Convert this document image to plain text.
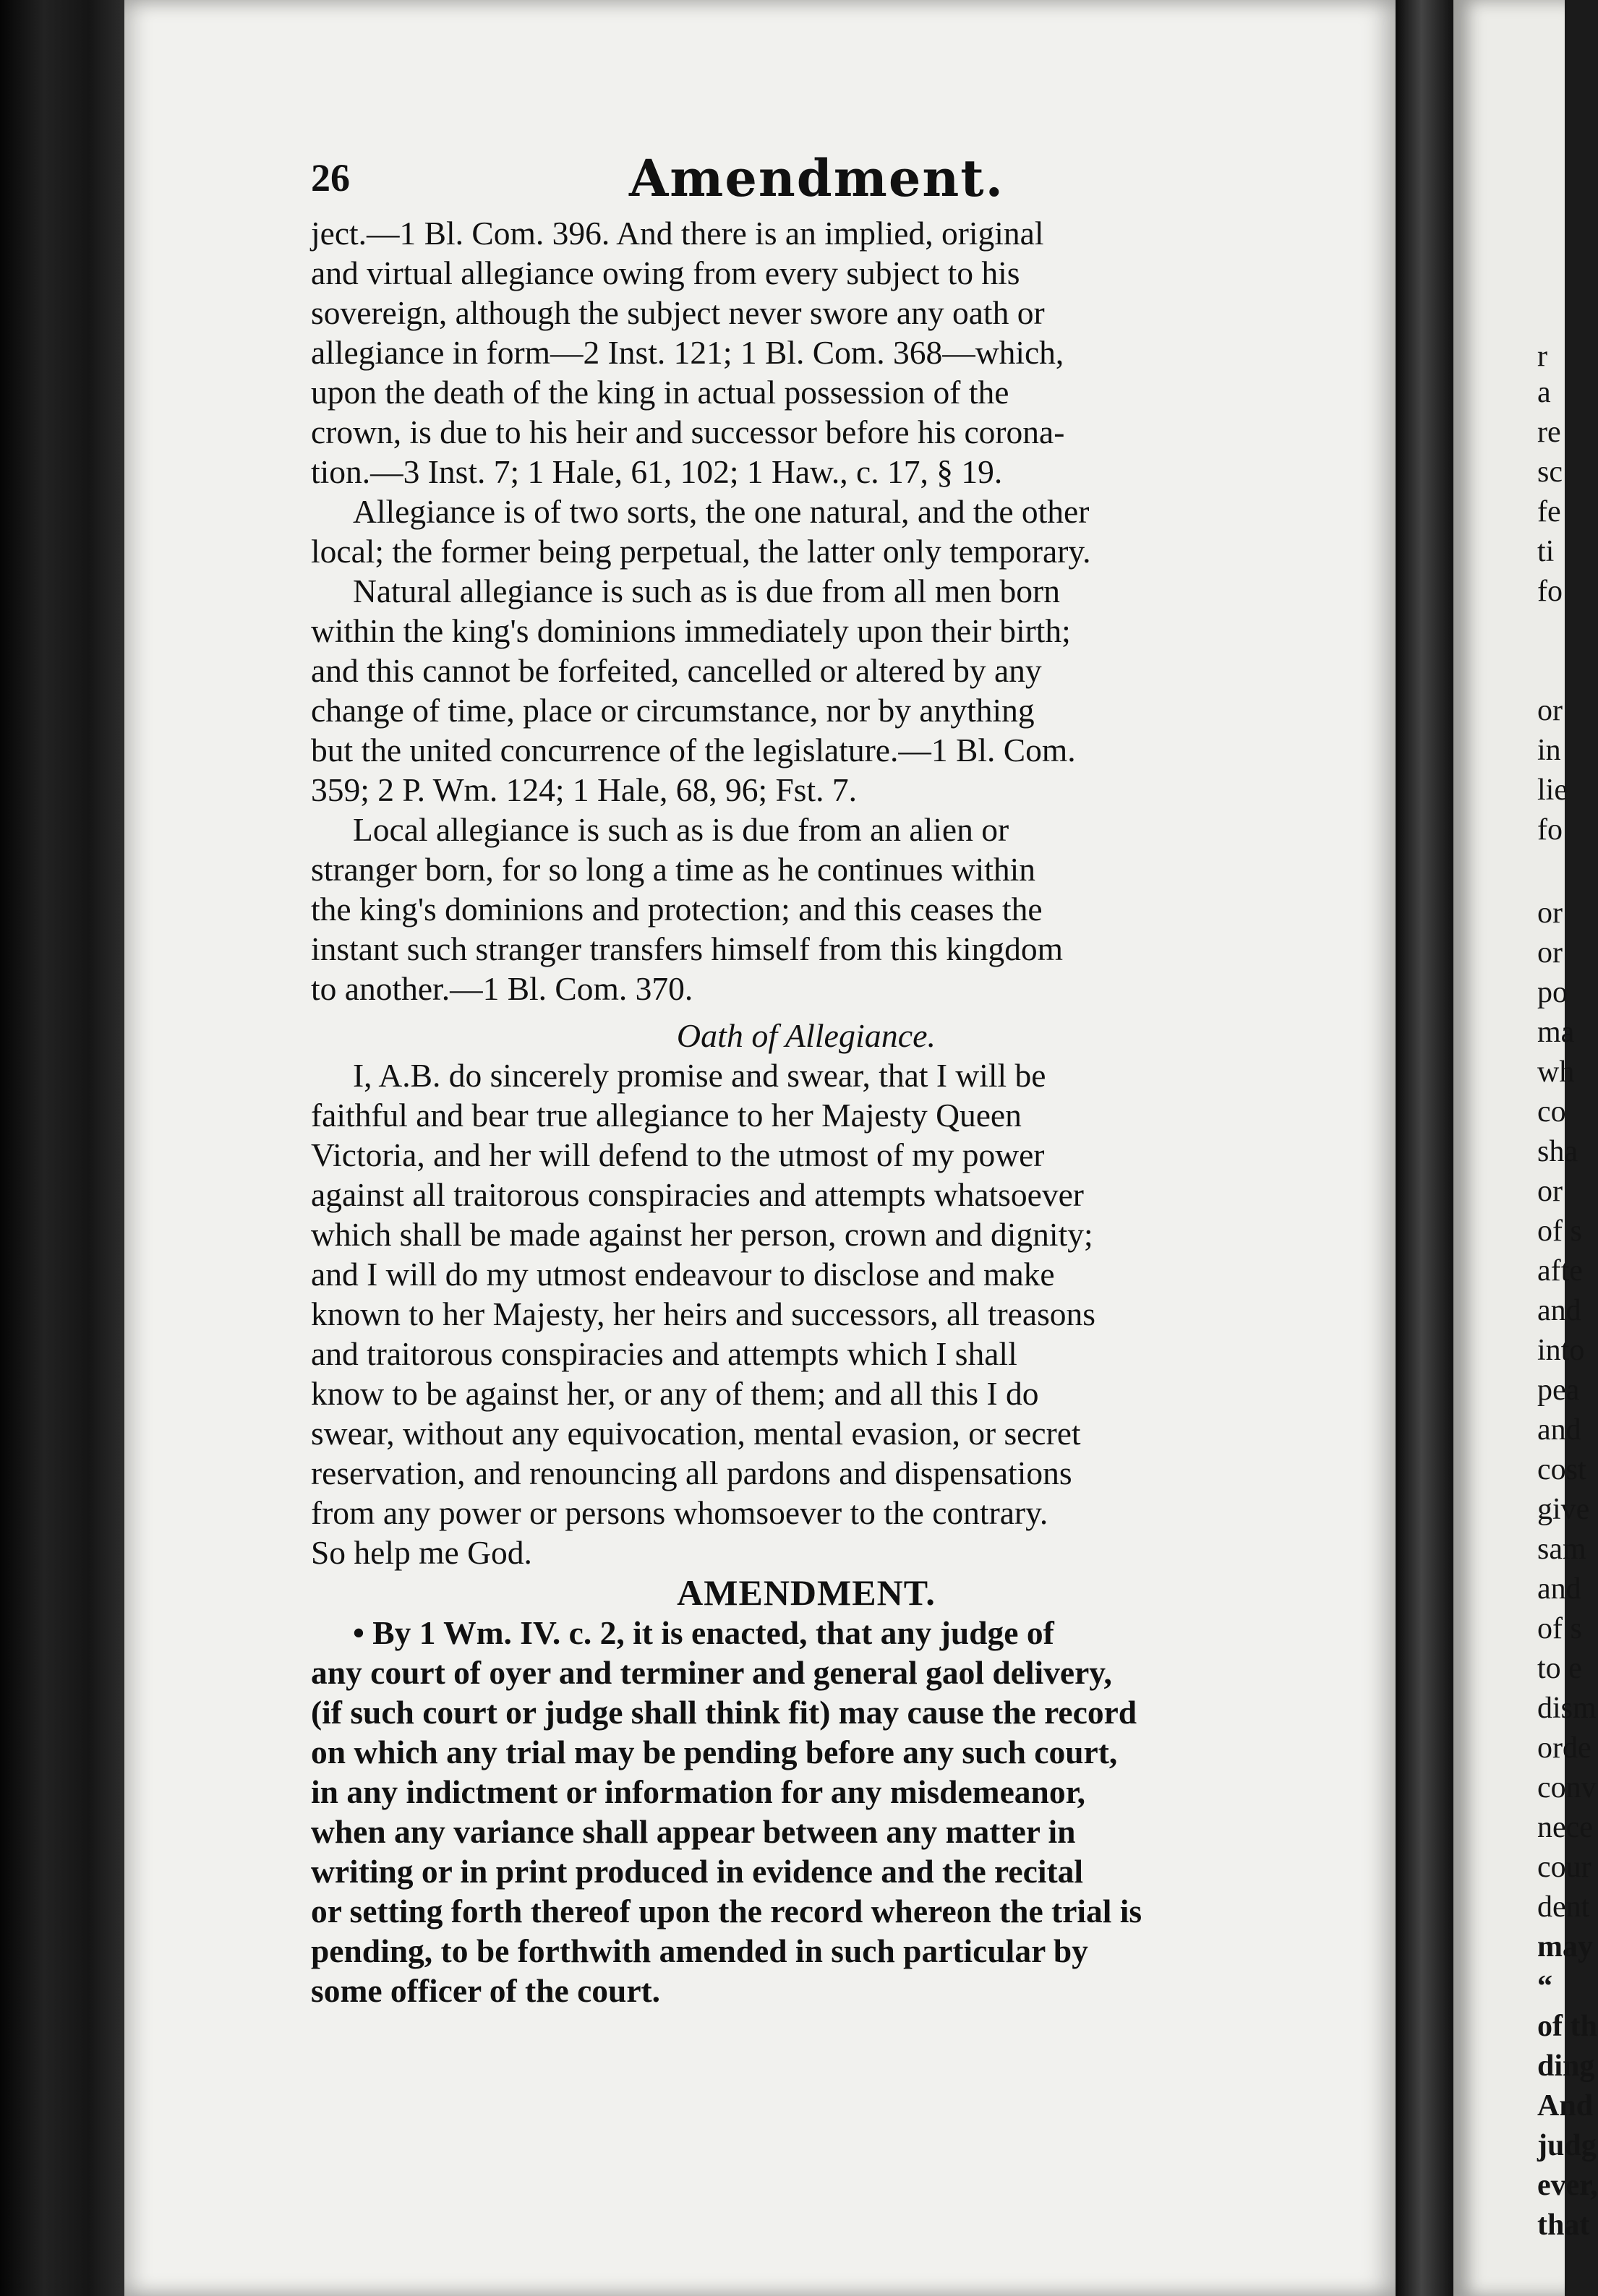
r
a
re
sc
fe
ti
fo
or
in
lie
fo
or
or
po
ma
wh
co
sha
or
of s
afte
and
into
pea
and
cost
give
sam
and
of s
to e
dism
orde
conv
nece
cour
dent
may
“
of th
ding
And
judg
ever,
that
26	Amendment.
ject.—1 Bl. Com. 396. And there is an implied, original
and virtual allegiance owing from every subject to his
sovereign, although the subject never swore any oath or
allegiance in form—2 Inst. 121; 1 Bl. Com. 368—which,
upon the death of the king in actual possession of the
crown, is due to his heir and successor before his corona-
tion.—3 Inst. 7; 1 Hale, 61, 102; 1 Haw., c. 17, § 19.
Allegiance is of two sorts, the one natural, and the other
local; the former being perpetual, the latter only temporary.
Natural allegiance is such as is due from all men born
within the king's dominions immediately upon their birth;
and this cannot be forfeited, cancelled or altered by any
change of time, place or circumstance, nor by anything
but the united concurrence of the legislature.—1 Bl. Com.
359; 2 P. Wm. 124; 1 Hale, 68, 96; Fst. 7.
Local allegiance is such as is due from an alien or
stranger born, for so long a time as he continues within
the king's dominions and protection; and this ceases the
instant such stranger transfers himself from this kingdom
to another.—1 Bl. Com. 370.

Oath of Allegiance.

I, A.B. do sincerely promise and swear, that I will be
faithful and bear true allegiance to her Majesty Queen
Victoria, and her will defend to the utmost of my power
against all traitorous conspiracies and attempts whatsoever
which shall be made against her person, crown and dignity;
and I will do my utmost endeavour to disclose and make
known to her Majesty, her heirs and successors, all treasons
and traitorous conspiracies and attempts which I shall
know to be against her, or any of them; and all this I do
swear, without any equivocation, mental evasion, or secret
reservation, and renouncing all pardons and dispensations
from any power or persons whomsoever to the contrary.
So help me God.

AMENDMENT.

• By 1 Wm. IV. c. 2, it is enacted, that any judge of
any court of oyer and terminer and general gaol delivery,
(if such court or judge shall think fit) may cause the record
on which any trial may be pending before any such court,
in any indictment or information for any misdemeanor,
when any variance shall appear between any matter in
writing or in print produced in evidence and the recital
or setting forth thereof upon the record whereon the trial is
pending, to be forthwith amended in such particular by
some officer of the court.
